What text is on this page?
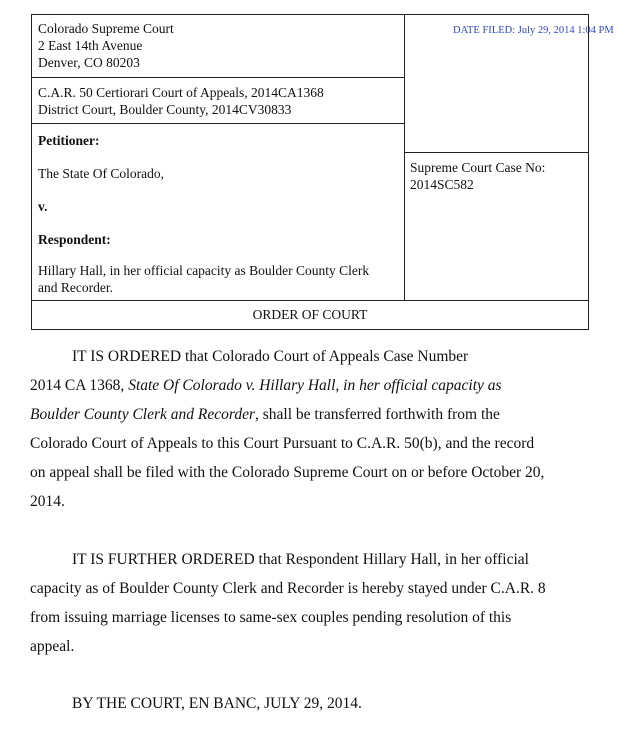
DATE FILED: July 29, 2014 1:04 PM
Colorado Supreme Court
2 East 14th Avenue
Denver, CO 80203
C.A.R. 50 Certiorari Court of Appeals, 2014CA1368
District Court, Boulder County, 2014CV30833
Petitioner:
The State Of Colorado,
v.
Respondent:
Hillary Hall, in her official capacity as Boulder County Clerk
and Recorder.
Supreme Court Case No:
2014SC582
ORDER OF COURT
IT IS ORDERED that Colorado Court of Appeals Case Number
2014 CA 1368, State Of Colorado v. Hillary Hall, in her official capacity as
Boulder County Clerk and Recorder, shall be transferred forthwith from the
Colorado Court of Appeals to this Court Pursuant to C.A.R. 50(b), and the record
on appeal shall be filed with the Colorado Supreme Court on or before October 20,
2014.
IT IS FURTHER ORDERED that Respondent Hillary Hall, in her official
capacity as of Boulder County Clerk and Recorder is hereby stayed under C.A.R. 8
from issuing marriage licenses to same-sex couples pending resolution of this
appeal.
BY THE COURT, EN BANC, JULY 29, 2014.
